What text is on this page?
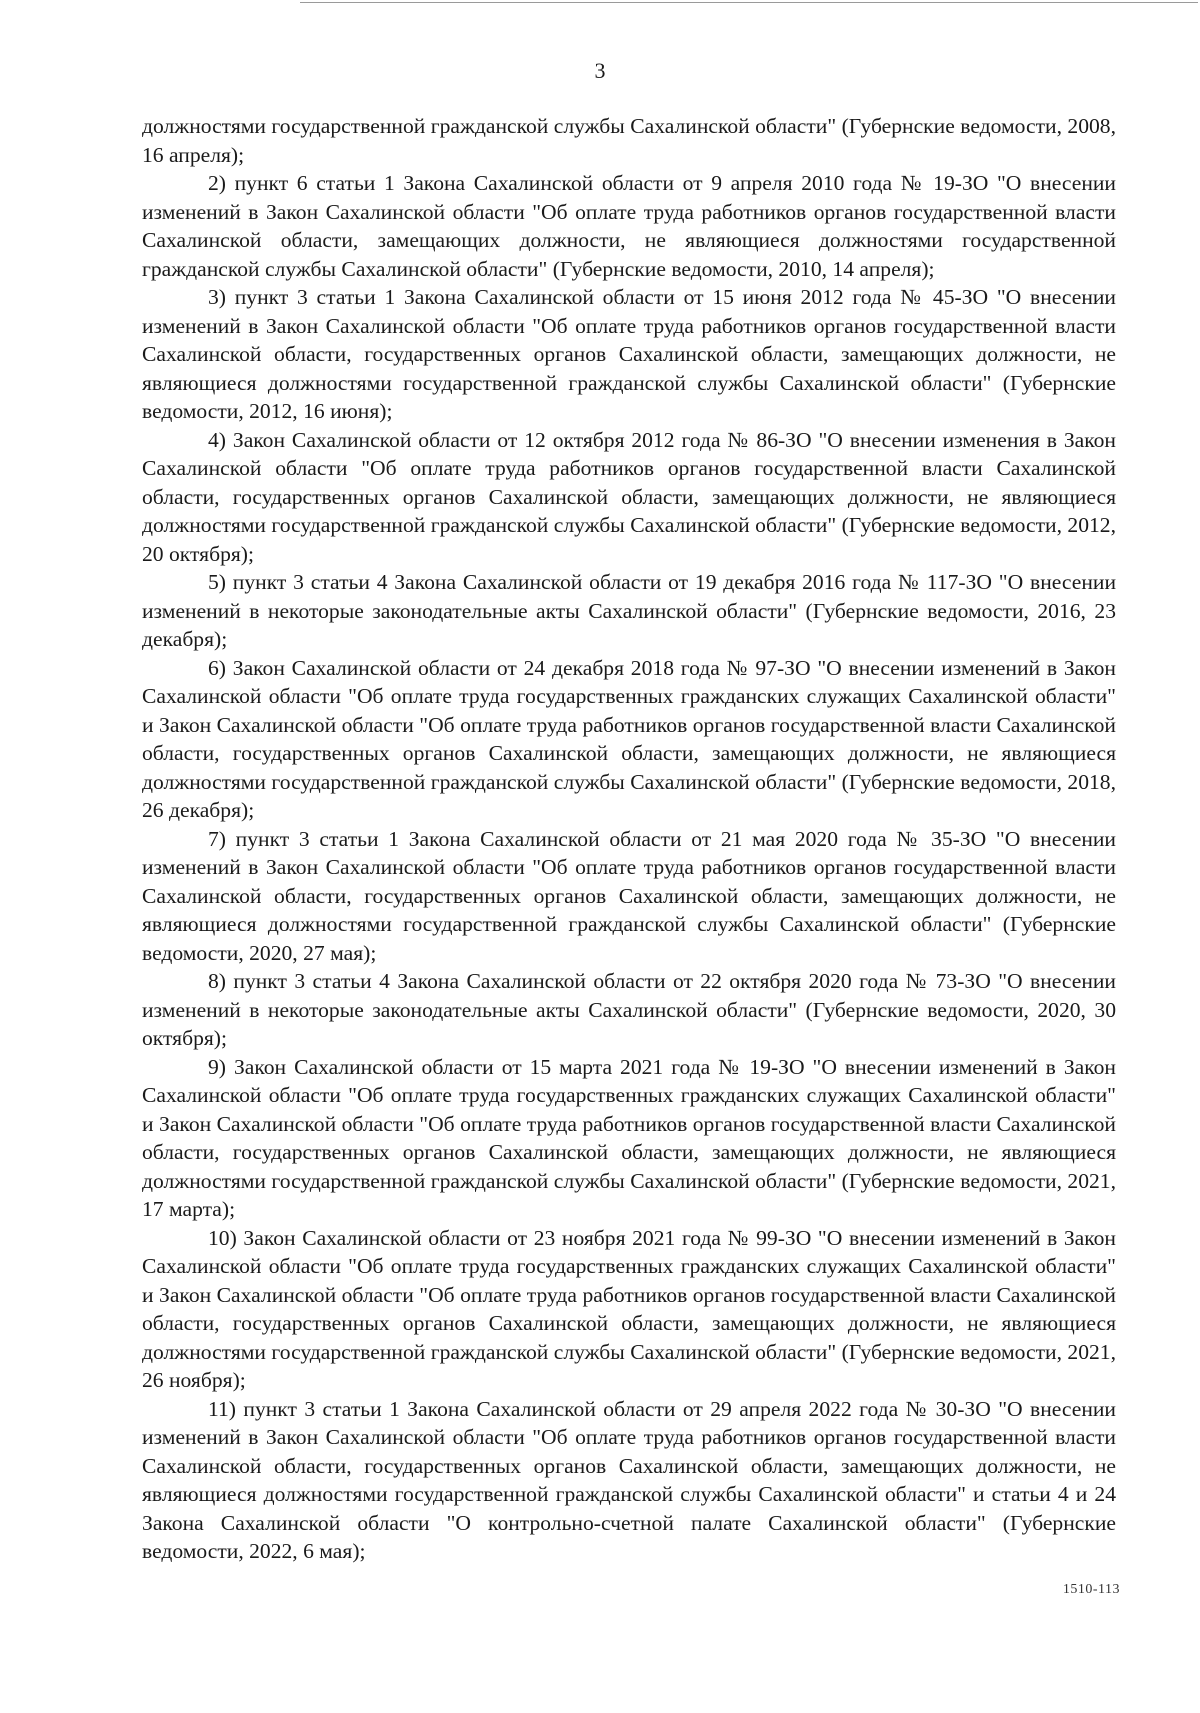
3

должностями государственной гражданской службы Сахалинской области" (Губернские ведомости, 2008, 16 апреля);

2) пункт 6 статьи 1 Закона Сахалинской области от 9 апреля 2010 года № 19-ЗО "О внесении изменений в Закон Сахалинской области "Об оплате труда работников органов государственной власти Сахалинской области, замещающих должности, не являющиеся должностями государственной гражданской службы Сахалинской области" (Губернские ведомости, 2010, 14 апреля);

3) пункт 3 статьи 1 Закона Сахалинской области от 15 июня 2012 года № 45-ЗО "О внесении изменений в Закон Сахалинской области "Об оплате труда работников органов государственной власти Сахалинской области, государственных органов Сахалинской области, замещающих должности, не являющиеся должностями государственной гражданской службы Сахалинской области" (Губернские ведомости, 2012, 16 июня);

4) Закон Сахалинской области от 12 октября 2012 года № 86-ЗО "О внесении изменения в Закон Сахалинской области "Об оплате труда работников органов государственной власти Сахалинской области, государственных органов Сахалинской области, замещающих должности, не являющиеся должностями государственной гражданской службы Сахалинской области" (Губернские ведомости, 2012, 20 октября);

5) пункт 3 статьи 4 Закона Сахалинской области от 19 декабря 2016 года № 117-ЗО "О внесении изменений в некоторые законодательные акты Сахалинской области" (Губернские ведомости, 2016, 23 декабря);

6) Закон Сахалинской области от 24 декабря 2018 года № 97-ЗО "О внесении изменений в Закон Сахалинской области "Об оплате труда государственных гражданских служащих Сахалинской области" и Закон Сахалинской области "Об оплате труда работников органов государственной власти Сахалинской области, государственных органов Сахалинской области, замещающих должности, не являющиеся должностями государственной гражданской службы Сахалинской области" (Губернские ведомости, 2018, 26 декабря);

7) пункт 3 статьи 1 Закона Сахалинской области от 21 мая 2020 года № 35-ЗО "О внесении изменений в Закон Сахалинской области "Об оплате труда работников органов государственной власти Сахалинской области, государственных органов Сахалинской области, замещающих должности, не являющиеся должностями государственной гражданской службы Сахалинской области" (Губернские ведомости, 2020, 27 мая);

8) пункт 3 статьи 4 Закона Сахалинской области от 22 октября 2020 года № 73-ЗО "О внесении изменений в некоторые законодательные акты Сахалинской области" (Губернские ведомости, 2020, 30 октября);

9) Закон Сахалинской области от 15 марта 2021 года № 19-ЗО "О внесении изменений в Закон Сахалинской области "Об оплате труда государственных гражданских служащих Сахалинской области" и Закон Сахалинской области "Об оплате труда работников органов государственной власти Сахалинской области, государственных органов Сахалинской области, замещающих должности, не являющиеся должностями государственной гражданской службы Сахалинской области" (Губернские ведомости, 2021, 17 марта);

10) Закон Сахалинской области от 23 ноября 2021 года № 99-ЗО "О внесении изменений в Закон Сахалинской области "Об оплате труда государственных гражданских служащих Сахалинской области" и Закон Сахалинской области "Об оплате труда работников органов государственной власти Сахалинской области, государственных органов Сахалинской области, замещающих должности, не являющиеся должностями государственной гражданской службы Сахалинской области" (Губернские ведомости, 2021, 26 ноября);

11) пункт 3 статьи 1 Закона Сахалинской области от 29 апреля 2022 года № 30-ЗО "О внесении изменений в Закон Сахалинской области "Об оплате труда работников органов государственной власти Сахалинской области, государственных органов Сахалинской области, замещающих должности, не являющиеся должностями государственной гражданской службы Сахалинской области" и статьи 4 и 24 Закона Сахалинской области "О контрольно-счетной палате Сахалинской области" (Губернские ведомости, 2022, 6 мая);

1510-113
